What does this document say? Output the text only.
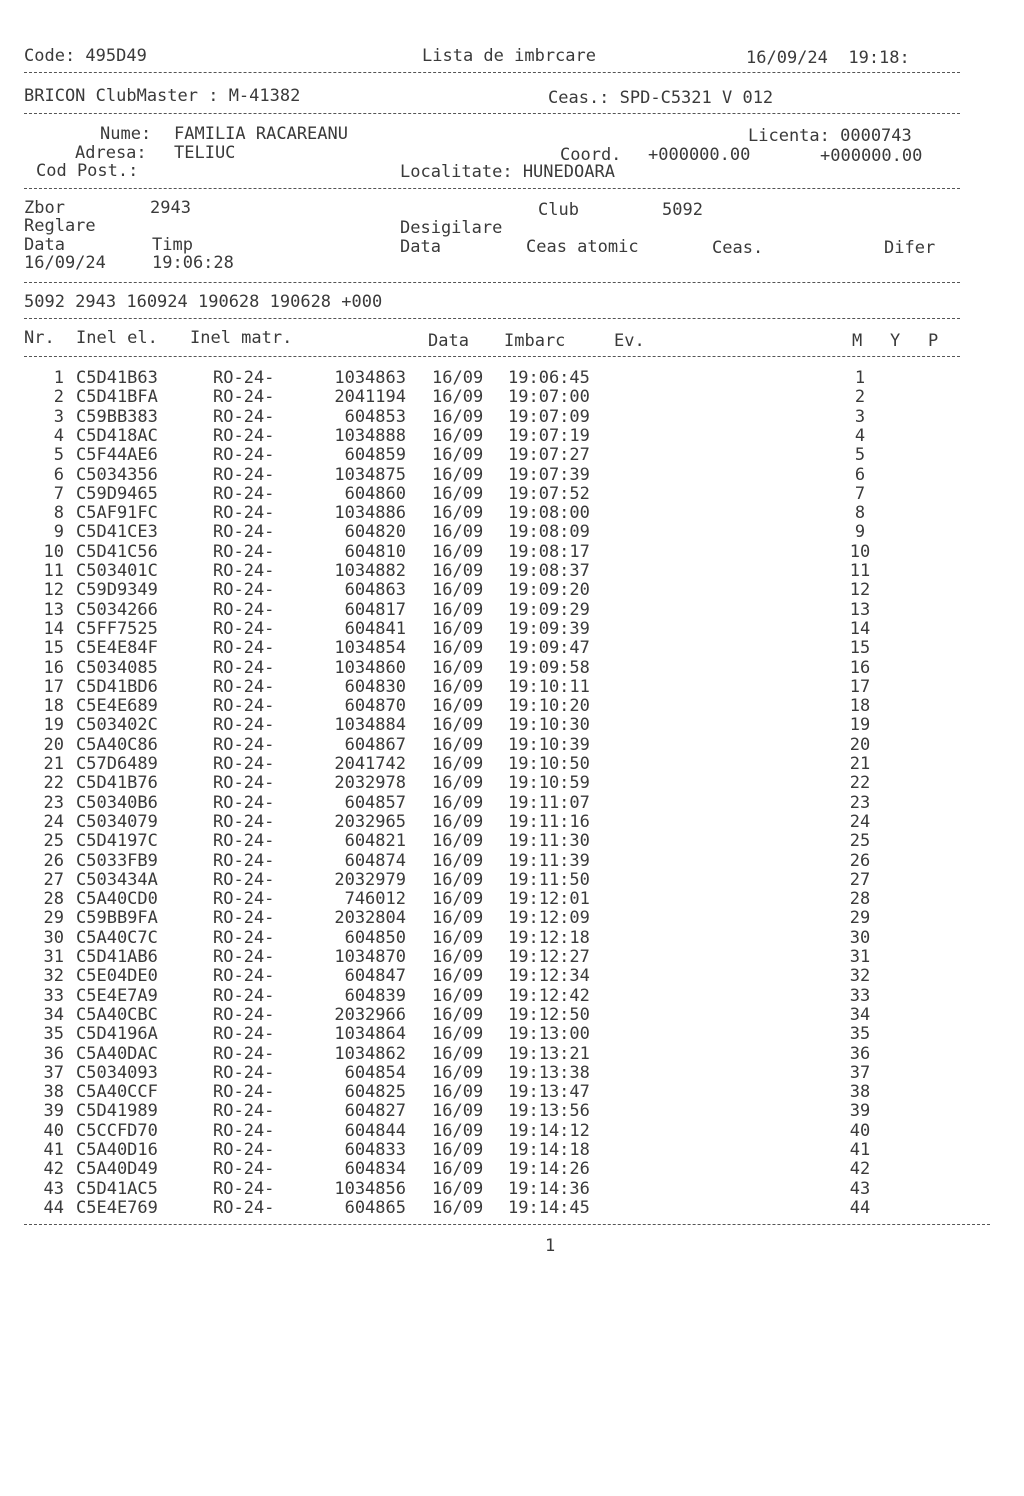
Code: 495D49	Lista de imbrcare	16/09/24  19:18:
BRICON ClubMaster : M-41382	Ceas.: SPD-C5321 V 012
Nume: FAMILIA RACAREANU	Licenta: 0000743
Adresa: TELIUC	Coord. +000000.00	+000000.00
Cod Post.:	Localitate: HUNEDOARA
Zbor	2943	Club	5092
Reglare	Desigilare
Data	Timp	Data	Ceas atomic	Ceas.	Difer
16/09/24	19:06:28
5092 2943 160924 190628 190628 +000
Nr. Inel el. Inel matr.	Data Imbarc	Ev.	M Y P
1 C5D41B63	RO-24-	1034863 16/09 19:06:45	1
2 C5D41BFA	RO-24-	2041194 16/09 19:07:00	2
3 C59BB383	RO-24-	604853 16/09 19:07:09	3
4 C5D418AC	RO-24-	1034888 16/09 19:07:19	4
5 C5F44AE6	RO-24-	604859 16/09 19:07:27	5
6 C5034356	RO-24-	1034875 16/09 19:07:39	6
7 C59D9465	RO-24-	604860 16/09 19:07:52	7
8 C5AF91FC	RO-24-	1034886 16/09 19:08:00	8
9 C5D41CE3	RO-24-	604820 16/09 19:08:09	9
10 C5D41C56	RO-24-	604810 16/09 19:08:17	10
11 C503401C	RO-24-	1034882 16/09 19:08:37	11
12 C59D9349	RO-24-	604863 16/09 19:09:20	12
13 C5034266	RO-24-	604817 16/09 19:09:29	13
14 C5FF7525	RO-24-	604841 16/09 19:09:39	14
15 C5E4E84F	RO-24-	1034854 16/09 19:09:47	15
16 C5034085	RO-24-	1034860 16/09 19:09:58	16
17 C5D41BD6	RO-24-	604830 16/09 19:10:11	17
18 C5E4E689	RO-24-	604870 16/09 19:10:20	18
19 C503402C	RO-24-	1034884 16/09 19:10:30	19
20 C5A40C86	RO-24-	604867 16/09 19:10:39	20
21 C57D6489	RO-24-	2041742 16/09 19:10:50	21
22 C5D41B76	RO-24-	2032978 16/09 19:10:59	22
23 C50340B6	RO-24-	604857 16/09 19:11:07	23
24 C5034079	RO-24-	2032965 16/09 19:11:16	24
25 C5D4197C	RO-24-	604821 16/09 19:11:30	25
26 C5033FB9	RO-24-	604874 16/09 19:11:39	26
27 C503434A	RO-24-	2032979 16/09 19:11:50	27
28 C5A40CD0	RO-24-	746012 16/09 19:12:01	28
29 C59BB9FA	RO-24-	2032804 16/09 19:12:09	29
30 C5A40C7C	RO-24-	604850 16/09 19:12:18	30
31 C5D41AB6	RO-24-	1034870 16/09 19:12:27	31
32 C5E04DE0	RO-24-	604847 16/09 19:12:34	32
33 C5E4E7A9	RO-24-	604839 16/09 19:12:42	33
34 C5A40CBC	RO-24-	2032966 16/09 19:12:50	34
35 C5D4196A	RO-24-	1034864 16/09 19:13:00	35
36 C5A40DAC	RO-24-	1034862 16/09 19:13:21	36
37 C5034093	RO-24-	604854 16/09 19:13:38	37
38 C5A40CCF	RO-24-	604825 16/09 19:13:47	38
39 C5D41989	RO-24-	604827 16/09 19:13:56	39
40 C5CCFD70	RO-24-	604844 16/09 19:14:12	40
41 C5A40D16	RO-24-	604833 16/09 19:14:18	41
42 C5A40D49	RO-24-	604834 16/09 19:14:26	42
43 C5D41AC5	RO-24-	1034856 16/09 19:14:36	43
44 C5E4E769	RO-24-	604865 16/09 19:14:45	44
1
